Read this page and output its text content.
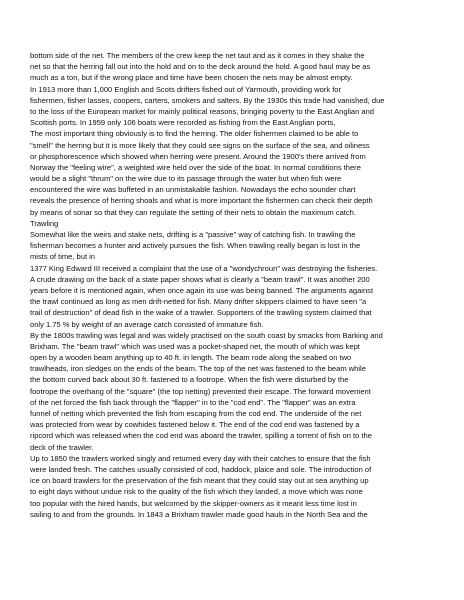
bottom side of the net. The members of the crew keep the net taut and as it comes in they shake the

net so that the herring fall out into the hold and on to the deck around the hold. A good haul may be as

much as a ton, but if the wrong place and time have been chosen the nets may be almost empty.

In 1913 more than 1,000 English and Scots drifters fished out of Yarmouth, providing work for

fishermen, fisher lasses, coopers, carters, smokers and salters. By the 1930s this trade had vanished, due

to the loss of the European market for mainly political reasons, bringing poverty to the East Anglian and

Scottish ports. In 1959 only 106 boats were recorded as fishing from the East Anglian ports,

The most important thing obviously is to find the herring. The older fishermen claimed to be able to

"smell" the herring but it is more likely that they could see signs on the surface of the sea, and oiliness

or phosphorescence which showed when herring were present. Around the 1900's there arrived from

Norway the "feeling wire", a weighted wire held over the side of the boat. In normal conditions there

would be a slight "thrum" on the wire due to its passage through the water but when fish were

encountered the wire was buffeted in an unmistakable fashion. Nowadays the echo sounder chart

reveals the presence of herring shoals and what is more important the fishermen can check their depth

by means of sonar so that they can regulate the setting of their nets to obtain the maximum catch.

Trawling

Somewhat like the weirs and stake nets, drifting is a "passive" way of catching fish. In trawling the

fisherman becomes a hunter and actively pursues the fish. When trawling really began is lost in the

mists of time, but in

1377 King Edward III received a complaint that the use of a "wondychroun" was destroying the fisheries.

A crude drawing on the back of a state paper shows what is clearly a "beam trawl". It was another 200

years before it is mentioned again, when once again its use was being banned. The arguments against

the trawl continued as long as men drift-netted for fish. Many drifter skippers claimed to have seen "a

trail of destruction" of dead fish in the wake of a trawler. Supporters of the trawling system claimed that

only 1.75 % by weight of an average catch consisted of immature fish.

By the 1800s trawling was legal and was widely practised on the south coast by smacks from Barking and

Brixham. The "beam trawl" which was used was a pocket-shaped net, the mouth of which was kept

open by a wooden beam anything up to 40 ft. in length. The beam rode along the seabed on two

trawlheads, iron sledges on the ends of the beam. The top of the net was fastened to the beam while

the bottom curved back about 30 ft. fastened to a footrope. When the fish were disturbed by the

footrope the overhang of the "square" (the top netting) prevented their escape. The forward movement

of the net forced the fish back through the "flapper" in to the "cod end". The "flapper" was an extra

funnel of netting which prevented the fish from escaping from the cod end. The underside of the net

was protected from wear by cowhides fastened below it. The end of the cod end was fastened by a

ripcord which was released when the cod end was aboard the trawler, spilling a torrent of fish on to the

deck of the trawler.

Up to 1850 the trawlers worked singly and returned every day with their catches to ensure that the fish

were landed fresh. The catches usually consisted of cod, haddock, plaice and sole. The introduction of

ice on board trawlers for the preservation of the fish meant that they could stay out at sea anything up

to eight days without undue risk to the quality of the fish which they landed, a move which was none

too popular with the hired hands, but welcomed by the skipper-owners as it meant less time lost in

sailing to and from the grounds. In 1843 a Brixham trawler made good hauls in the North Sea and the
